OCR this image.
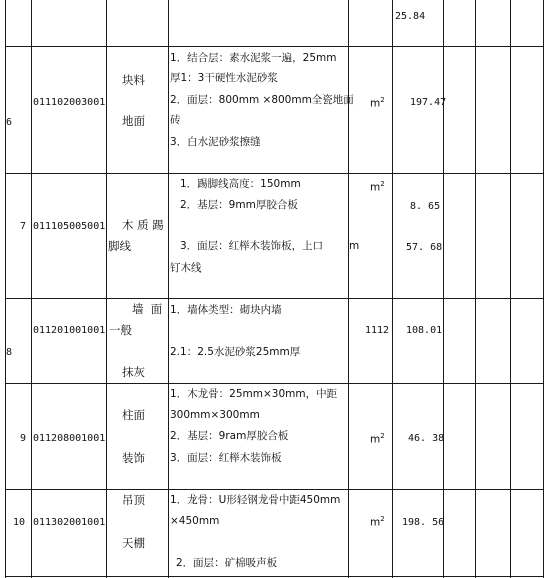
25.84
6
011102003001
块料
地面
1．结合层：素水泥浆一遍，25mm
厚1：3干硬性水泥砂浆
2．面层：800mm ×800mm全瓷地面
砖
3．白水泥砂浆擦缝
$m^2$	197.47
7 011105005001 木 质 踢
脚线
1．踢脚线高度：150mm
2．基层：9mm厚胶合板
3．面层：红榉木装饰板，上口
钉木线
$m^2$
m
8. 65
57. 68
8
011201001001
墙  面
一般
抹灰
1．墙体类型：砌块内墙
2.1：2.5水泥砂浆25mm厚
1112 108.01
9 011208001001
柱面
装饰
1．木龙骨：25mm×30mm，中距
300mm×300mm
2．基层：9ram厚胶合板
3．面层：红榉木装饰板
$m^2$ 46. 38
10 011302001001
吊顶
天棚
1．龙骨：U形轻钢龙骨中距450mm
×450mm
2．面层：矿棉吸声板
$m^2$ 198. 56
